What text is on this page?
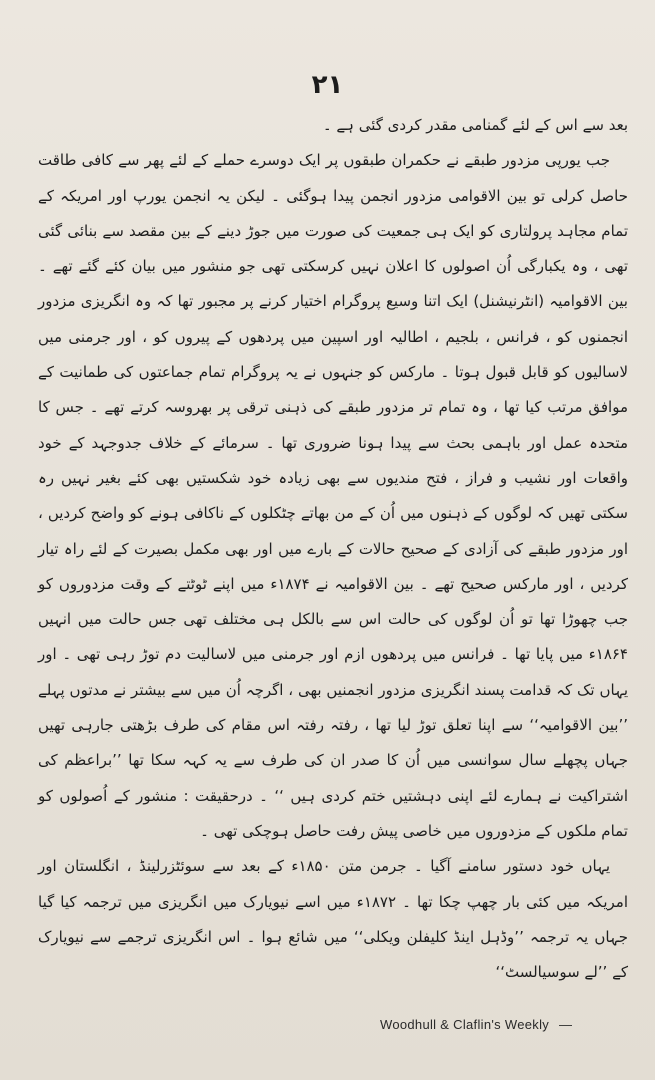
۲۱

بعد سے اس کے لئے گمنامی مقدر کردی گئی ہے ۔

جب یورپی مزدور طبقے نے حکمران طبقوں پر ایک دوسرے حملے کے لئے پھر سے کافی طاقت حاصل کرلی تو بین الاقوامی مزدور انجمن پیدا ہوگئی ۔ لیکن یہ انجمن یورپ اور امریکہ کے تمام مجاہد پرولتاری کو ایک ہی جمعیت کی صورت میں جوڑ دینے کے بین مقصد سے بنائی گئی تھی ، وہ یکبارگی اُن اصولوں کا اعلان نہیں کرسکتی تھی جو منشور میں بیان کئے گئے تھے ۔ بین الاقوامیہ (انٹرنیشنل) ایک اتنا وسیع پروگرام اختیار کرنے پر مجبور تھا کہ وہ انگریزی مزدور انجمنوں کو ، فرانس ، بلجیم ، اطالیہ اور اسپین میں پردھوں کے پیروں کو ، اور جرمنی میں لاسالیوں کو قابل قبول ہوتا ۔ مارکس کو جنہوں نے یہ پروگرام تمام جماعتوں کی طمانیت کے موافق مرتب کیا تھا ، وہ تمام تر مزدور طبقے کی ذہنی ترقی پر بھروسہ کرتے تھے ۔ جس کا متحدہ عمل اور باہمی بحث سے پیدا ہونا ضروری تھا ۔ سرمائے کے خلاف جدوجہد کے خود واقعات اور نشیب و فراز ، فتح مندیوں سے بھی زیادہ خود شکستیں بھی کئے بغیر نہیں رہ سکتی تھیں کہ لوگوں کے ذہنوں میں اُن کے من بھاتے چٹکلوں کے ناکافی ہونے کو واضح کردیں ، اور مزدور طبقے کی آزادی کے صحیح حالات کے بارے میں اور بھی مکمل بصیرت کے لئے راہ تیار کردیں ، اور مارکس صحیح تھے ۔ بین الاقوامیہ نے ۱۸۷۴ء میں اپنے ٹوٹتے کے وقت مزدوروں کو جب چھوڑا تھا تو اُن لوگوں کی حالت اس سے بالکل ہی مختلف تھی جس حالت میں انہیں ۱۸۶۴ء میں پایا تھا ۔ فرانس میں پردھوں ازم اور جرمنی میں لاسالیت دم توڑ رہی تھی ۔ اور یہاں تک کہ قدامت پسند انگریزی مزدور انجمنیں بھی ، اگرچہ اُن میں سے بیشتر نے مدتوں پہلے ’’بین الاقوامیہ‘‘ سے اپنا تعلق توڑ لیا تھا ، رفتہ رفتہ اس مقام کی طرف بڑھتی جارہی تھیں جہاں پچھلے سال سوانسی میں اُن کا صدر ان کی طرف سے یہ کہہ سکا تھا ’’براعظم کی اشتراکیت نے ہمارے لئے اپنی دہشتیں ختم کردی ہیں ‘‘ ۔ درحقیقت : منشور کے اُصولوں کو تمام ملکوں کے مزدوروں میں خاصی پیش رفت حاصل ہوچکی تھی ۔

یہاں خود دستور سامنے آگیا ۔ جرمن متن ۱۸۵۰ء کے بعد سے سوئٹزرلینڈ ، انگلستان اور امریکہ میں کئی بار چھپ چکا تھا ۔ ۱۸۷۲ء میں اسے نیویارک میں انگریزی میں ترجمہ کیا گیا جہاں یہ ترجمہ ’’وڈہل اینڈ کلیفلن ویکلی‘‘ میں شائع ہوا ۔ اس انگریزی ترجمے سے نیویارک کے ’’لے سوسیالسٹ‘‘

Woodhull & Claflin's Weekly —
